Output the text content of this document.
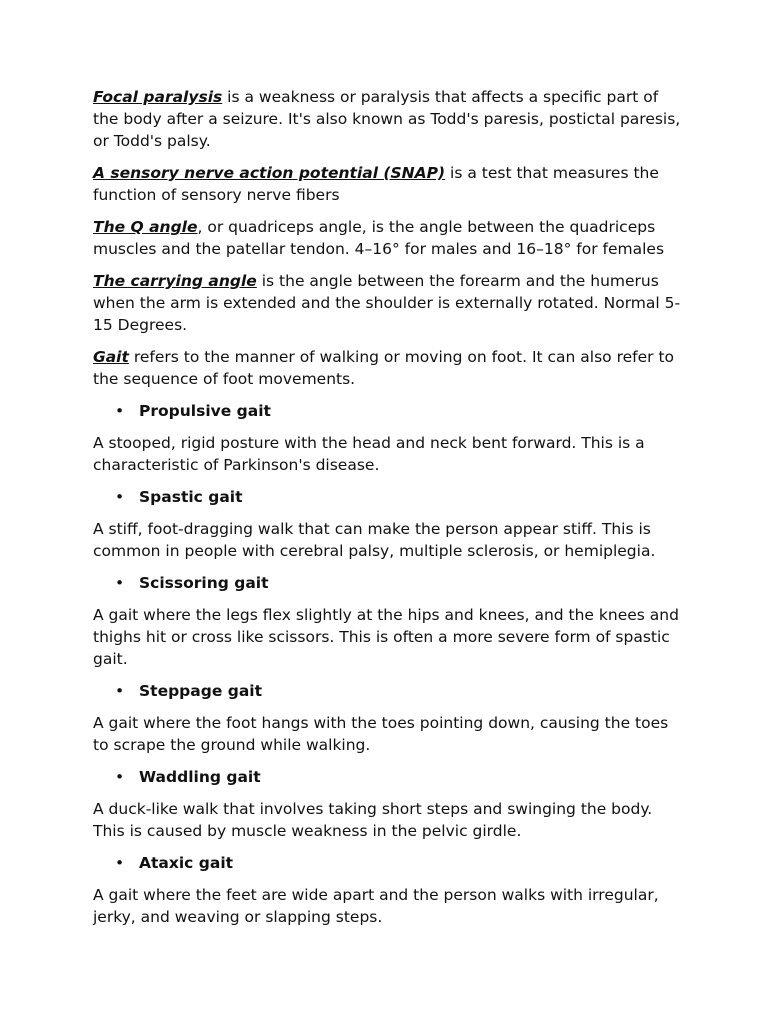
Focal paralysis is a weakness or paralysis that affects a specific part of the body after a seizure. It's also known as Todd's paresis, postictal paresis, or Todd's palsy.

A sensory nerve action potential (SNAP) is a test that measures the function of sensory nerve fibers

The Q angle, or quadriceps angle, is the angle between the quadriceps muscles and the patellar tendon. 4–16° for males and 16–18° for females

The carrying angle is the angle between the forearm and the humerus when the arm is extended and the shoulder is externally rotated. Normal 5-15 Degrees.

Gait refers to the manner of walking or moving on foot. It can also refer to the sequence of foot movements.

• Propulsive gait

A stooped, rigid posture with the head and neck bent forward. This is a characteristic of Parkinson's disease.

• Spastic gait

A stiff, foot-dragging walk that can make the person appear stiff. This is common in people with cerebral palsy, multiple sclerosis, or hemiplegia.

• Scissoring gait

A gait where the legs flex slightly at the hips and knees, and the knees and thighs hit or cross like scissors. This is often a more severe form of spastic gait.

• Steppage gait

A gait where the foot hangs with the toes pointing down, causing the toes to scrape the ground while walking.

• Waddling gait

A duck-like walk that involves taking short steps and swinging the body. This is caused by muscle weakness in the pelvic girdle.

• Ataxic gait

A gait where the feet are wide apart and the person walks with irregular, jerky, and weaving or slapping steps.
